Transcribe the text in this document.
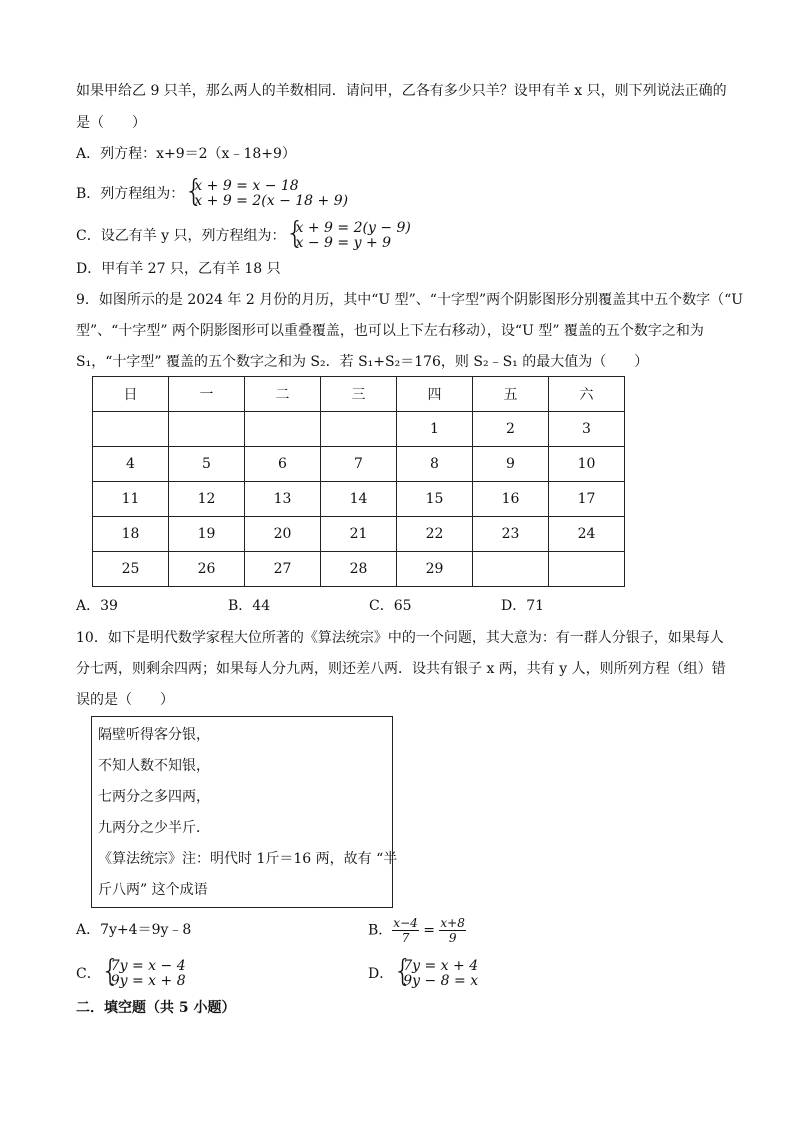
如果甲给乙 9 只羊，那么两人的羊数相同．请问甲，乙各有多少只羊？设甲有羊 x 只，则下列说法正确的
是（　　）
A．列方程：x+9＝2（x﹣18+9）
B．列方程组为： {
x + 9 = x − 18
x + 9 = 2(x − 18 + 9)
C．设乙有羊 y 只，列方程组为： {
x + 9 = 2(y − 9)
x − 9 = y + 9
D．甲有羊 27 只，乙有羊 18 只
9．如图所示的是 2024 年 2 月份的月历，其中“U 型”、“十字型”两个阴影图形分别覆盖其中五个数字（“U
型”、“十字型” 两个阴影图形可以重叠覆盖，也可以上下左右移动），设“U 型” 覆盖的五个数字之和为
S₁，“十字型” 覆盖的五个数字之和为 S₂．若 S₁+S₂＝176，则 S₂﹣S₁ 的最大值为（　　）
日	一	二	三	四	五	六
				1	2	3
4	5	6	7	8	9	10
11	12	13	14	15	16	17
18	19	20	21	22	23	24
25	26	27	28	29		
A．39	B．44	C．65	D．71
10．如下是明代数学家程大位所著的《算法统宗》中的一个问题，其大意为：有一群人分银子，如果每人
分七两，则剩余四两；如果每人分九两，则还差八两．设共有银子 x 两，共有 y 人，则所列方程（组）错
误的是（　　）
隔壁听得客分银，
不知人数不知银，
七两分之多四两，
九两分之少半斤．
《算法统宗》注：明代时 1斤＝16 两，故有 “半
斤八两” 这个成语
A．7y+4＝9y﹣8	B． $\frac{x-4}{7} = \frac{x+8}{9}$
C． {
7y = x − 4
9y = x + 8	D． {
7y = x + 4
9y − 8 = x
二．填空题（共 5 小题）
